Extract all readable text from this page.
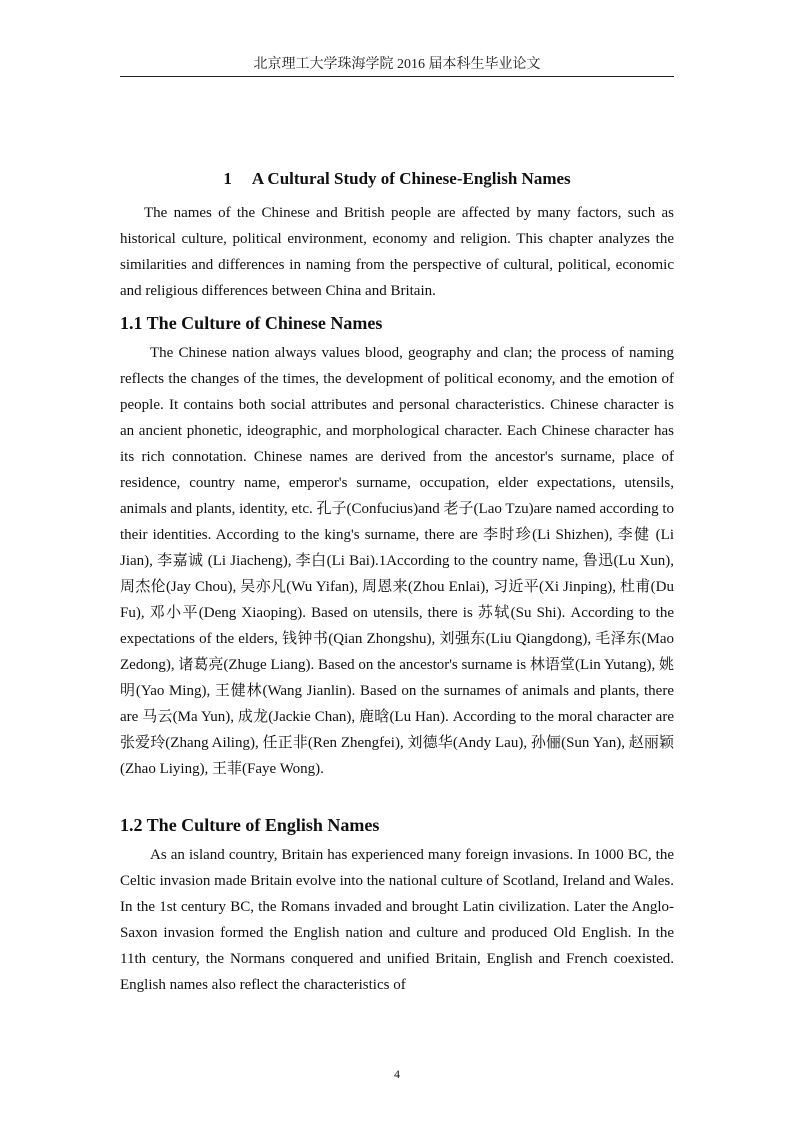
北京理工大学珠海学院 2016 届本科生毕业论文
1 A Cultural Study of Chinese-English Names

The names of the Chinese and British people are affected by many factors, such as historical culture, political environment, economy and religion. This chapter analyzes the similarities and differences in naming from the perspective of cultural, political, economic and religious differences between China and Britain.

1.1 The Culture of Chinese Names

The Chinese nation always values blood, geography and clan; the process of naming reflects the changes of the times, the development of political economy, and the emotion of people. It contains both social attributes and personal characteristics. Chinese character is an ancient phonetic, ideographic, and morphological character. Each Chinese character has its rich connotation. Chinese names are derived from the ancestor's surname, place of residence, country name, emperor's surname, occupation, elder expectations, utensils, animals and plants, identity, etc. 孔子(Confucius)and 老子(Lao Tzu)are named according to their identities. According to the king's surname, there are 李时珍(Li Shizhen), 李健 (Li Jian), 李嘉诚 (Li Jiacheng), 李白(Li Bai).1According to the country name, 鲁迅(Lu Xun), 周杰伦(Jay Chou), 吴亦凡(Wu Yifan), 周恩来(Zhou Enlai), 习近平(Xi Jinping), 杜甫(Du Fu), 邓小平(Deng Xiaoping). Based on utensils, there is 苏轼(Su Shi). According to the expectations of the elders, 钱钟书(Qian Zhongshu), 刘强东(Liu Qiangdong), 毛泽东(Mao Zedong), 诸葛亮(Zhuge Liang). Based on the ancestor's surname is 林语堂(Lin Yutang), 姚明(Yao Ming), 王健林(Wang Jianlin). Based on the surnames of animals and plants, there are 马云(Ma Yun), 成龙(Jackie Chan), 鹿晗(Lu Han). According to the moral character are 张爱玲(Zhang Ailing), 任正非(Ren Zhengfei), 刘德华(Andy Lau), 孙俪(Sun Yan), 赵丽颖(Zhao Liying), 王菲(Faye Wong).

1.2 The Culture of English Names

As an island country, Britain has experienced many foreign invasions. In 1000 BC, the Celtic invasion made Britain evolve into the national culture of Scotland, Ireland and Wales. In the 1st century BC, the Romans invaded and brought Latin civilization. Later the Anglo-Saxon invasion formed the English nation and culture and produced Old English. In the 11th century, the Normans conquered and unified Britain, English and French coexisted. English names also reflect the characteristics of

4
